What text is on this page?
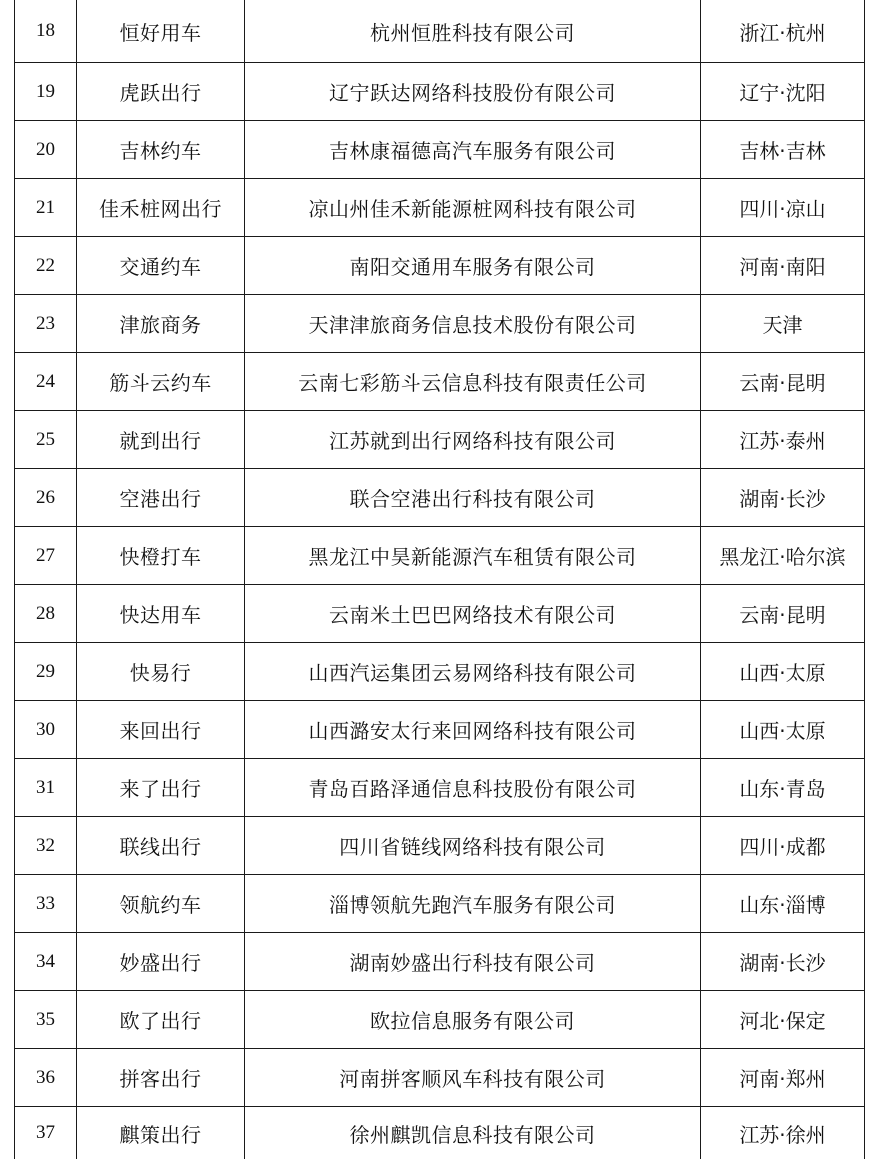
18	恒好用车	杭州恒胜科技有限公司	浙江·杭州
19	虎跃出行	辽宁跃达网络科技股份有限公司	辽宁·沈阳
20	吉林约车	吉林康福德高汽车服务有限公司	吉林·吉林
21	佳禾桩网出行	凉山州佳禾新能源桩网科技有限公司	四川·凉山
22	交通约车	南阳交通用车服务有限公司	河南·南阳
23	津旅商务	天津津旅商务信息技术股份有限公司	天津
24	筋斗云约车	云南七彩筋斗云信息科技有限责任公司	云南·昆明
25	就到出行	江苏就到出行网络科技有限公司	江苏·泰州
26	空港出行	联合空港出行科技有限公司	湖南·长沙
27	快橙打车	黑龙江中昊新能源汽车租赁有限公司	黑龙江·哈尔滨
28	快达用车	云南米土巴巴网络技术有限公司	云南·昆明
29	快易行	山西汽运集团云易网络科技有限公司	山西·太原
30	来回出行	山西潞安太行来回网络科技有限公司	山西·太原
31	来了出行	青岛百路泽通信息科技股份有限公司	山东·青岛
32	联线出行	四川省链线网络科技有限公司	四川·成都
33	领航约车	淄博领航先跑汽车服务有限公司	山东·淄博
34	妙盛出行	湖南妙盛出行科技有限公司	湖南·长沙
35	欧了出行	欧拉信息服务有限公司	河北·保定
36	拼客出行	河南拼客顺风车科技有限公司	河南·郑州
37	麒策出行	徐州麒凯信息科技有限公司	江苏·徐州
